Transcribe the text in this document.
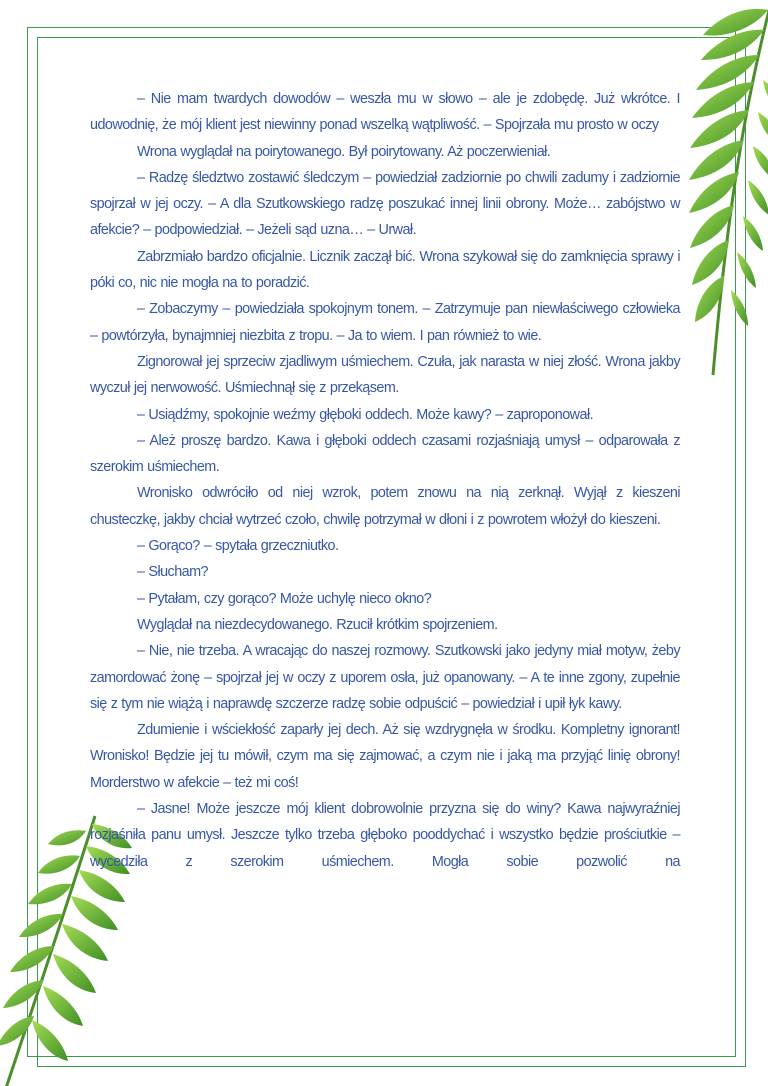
– Nie mam twardych dowodów – weszła mu w słowo – ale je zdobędę. Już wkrótce. I udowodnię, że mój klient jest niewinny ponad wszelką wątpliwość. – Spojrzała mu prosto w oczy

Wrona wyglądał na poirytowanego. Był poirytowany. Aż poczerwieniał.

– Radzę śledztwo zostawić śledczym – powiedział zadziornie po chwili zadumy i zadziornie spojrzał w jej oczy. – A dla Szutkowskiego radzę poszukać innej linii obrony. Może… zabójstwo w afekcie? – podpowiedział. – Jeżeli sąd uzna… – Urwał.

Zabrzmiało bardzo oficjalnie. Licznik zaczął bić. Wrona szykował się do zamknięcia sprawy i póki co, nic nie mogła na to poradzić.

– Zobaczymy – powiedziała spokojnym tonem. – Zatrzymuje pan niewłaściwego człowieka – powtórzyła, bynajmniej niezbita z tropu. – Ja to wiem. I pan również to wie.

Zignorował jej sprzeciw zjadliwym uśmiechem. Czuła, jak narasta w niej złość. Wrona jakby wyczuł jej nerwowość. Uśmiechnął się z przekąsem.

– Usiądźmy, spokojnie weźmy głęboki oddech. Może kawy? – zaproponował.

– Ależ proszę bardzo. Kawa i głęboki oddech czasami rozjaśniają umysł – odparowała z szerokim uśmiechem.

Wronisko odwróciło od niej wzrok, potem znowu na nią zerknął. Wyjął z kieszeni chusteczkę, jakby chciał wytrzeć czoło, chwilę potrzymał w dłoni i z powrotem włożył do kieszeni.

– Gorąco? – spytała grzeczniutko.

– Słucham?

– Pytałam, czy gorąco? Może uchylę nieco okno?

Wyglądał na niezdecydowanego. Rzucił krótkim spojrzeniem.

– Nie, nie trzeba. A wracając do naszej rozmowy. Szutkowski jako jedyny miał motyw, żeby zamordować żonę – spojrzał jej w oczy z uporem osła, już opanowany. – A te inne zgony, zupełnie się z tym nie wiążą i naprawdę szczerze radzę sobie odpuścić – powiedział i upił łyk kawy.

Zdumienie i wściekłość zaparły jej dech. Aż się wzdrygnęła w środku. Kompletny ignorant! Wronisko! Będzie jej tu mówił, czym ma się zajmować, a czym nie i jaką ma przyjąć linię obrony! Morderstwo w afekcie – też mi coś!

– Jasne! Może jeszcze mój klient dobrowolnie przyzna się do winy? Kawa najwyraźniej rozjaśniła panu umysł. Jeszcze tylko trzeba głęboko pooddychać i wszystko będzie prościutkie – wycedziła z szerokim uśmiechem. Mogła sobie pozwolić na
